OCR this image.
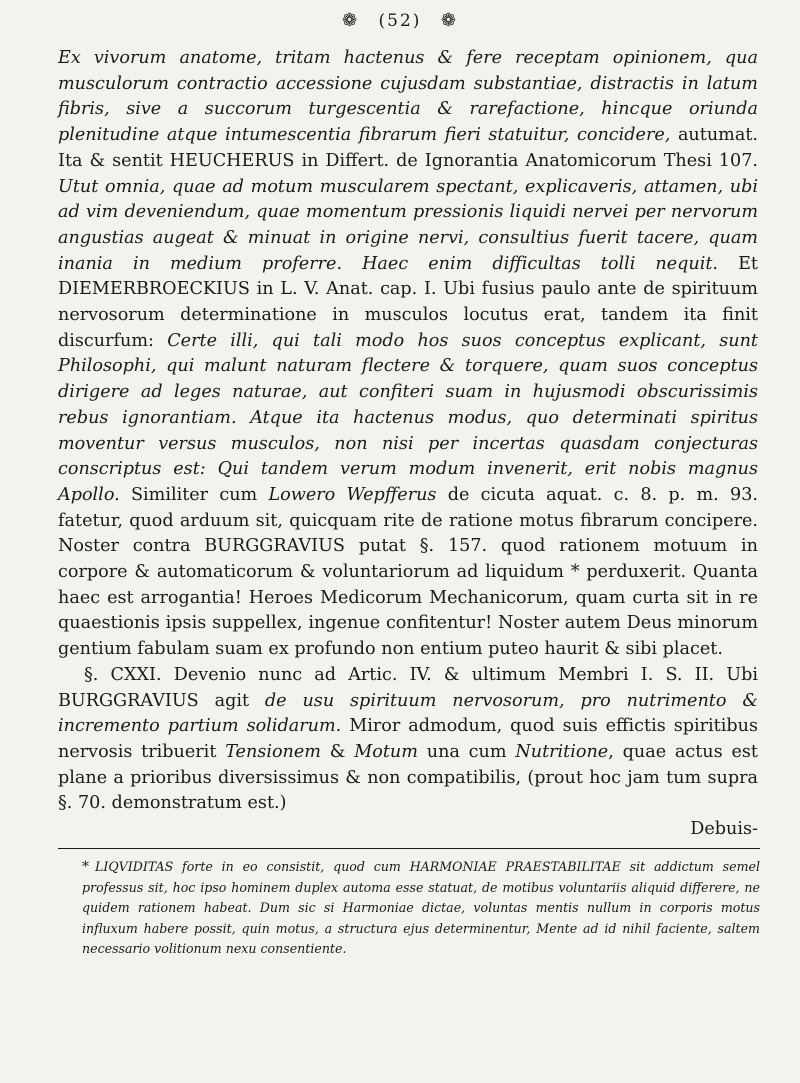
❁ (52) ❁

Ex vivorum anatome, tritam hactenus & fere receptam opinionem, qua musculorum contractio accessione cujusdam substantiae, distractis in latum fibris, sive a succorum turgescentia & rarefactione, hincque oriunda plenitudine atque intumescentia fibrarum fieri statuitur, concidere, autumat. Ita & sentit HEUCHERUS in Differt. de Ignorantia Anatomicorum Thesi 107. Utut omnia, quae ad motum muscularem spectant, explicaveris, attamen, ubi ad vim deveniendum, quae momentum pressionis liquidi nervei per nervorum angustias augeat & minuat in origine nervi, consultius fuerit tacere, quam inania in medium proferre. Haec enim difficultas tolli nequit. Et DIEMERBROECKIUS in L. V. Anat. cap. I. Ubi fusius paulo ante de spirituum nervosorum determinatione in musculos locutus erat, tandem ita finit discurfum: Certe illi, qui tali modo hos suos conceptus explicant, sunt Philosophi, qui malunt naturam flectere & torquere, quam suos conceptus dirigere ad leges naturae, aut confiteri suam in hujusmodi obscurissimis rebus ignorantiam. Atque ita hactenus modus, quo determinati spiritus moventur versus musculos, non nisi per incertas quasdam conjecturas conscriptus est: Qui tandem verum modum invenerit, erit nobis magnus Apollo. Similiter cum Lowero Wepfferus de cicuta aquat. c. 8. p. m. 93. fatetur, quod arduum sit, quicquam rite de ratione motus fibrarum concipere. Noster contra BURGGRAVIUS putat §. 157. quod rationem motuum in corpore & automaticorum & voluntariorum ad liquidum * perduxerit. Quanta haec est arrogantia! Heroes Medicorum Mechanicorum, quam curta sit in re quaestionis ipsis suppellex, ingenue confitentur! Noster autem Deus minorum gentium fabulam suam ex profundo non entium puteo haurit & sibi placet.

§. CXXI. Devenio nunc ad Artic. IV. & ultimum Membri I. S. II. Ubi BURGGRAVIUS agit de usu spirituum nervosorum, pro nutrimento & incremento partium solidarum. Miror admodum, quod suis effictis spiritibus nervosis tribuerit Tensionem & Motum una cum Nutritione, quae actus est plane a prioribus diversissimus & non compatibilis, (prout hoc jam tum supra §. 70. demonstratum est.)

Debuis-

* LIQVIDITAS forte in eo consistit, quod cum HARMONIAE PRAESTABILITAE sit addictum semel professus sit, hoc ipso hominem duplex automa esse statuat, de motibus voluntariis aliquid differere, ne quidem rationem habeat. Dum sic si Harmoniae dictae, voluntas mentis nullum in corporis motus influxum habere possit, quin motus, a structura ejus determinentur, Mente ad id nihil faciente, saltem necessario volitionum nexu consentiente.
